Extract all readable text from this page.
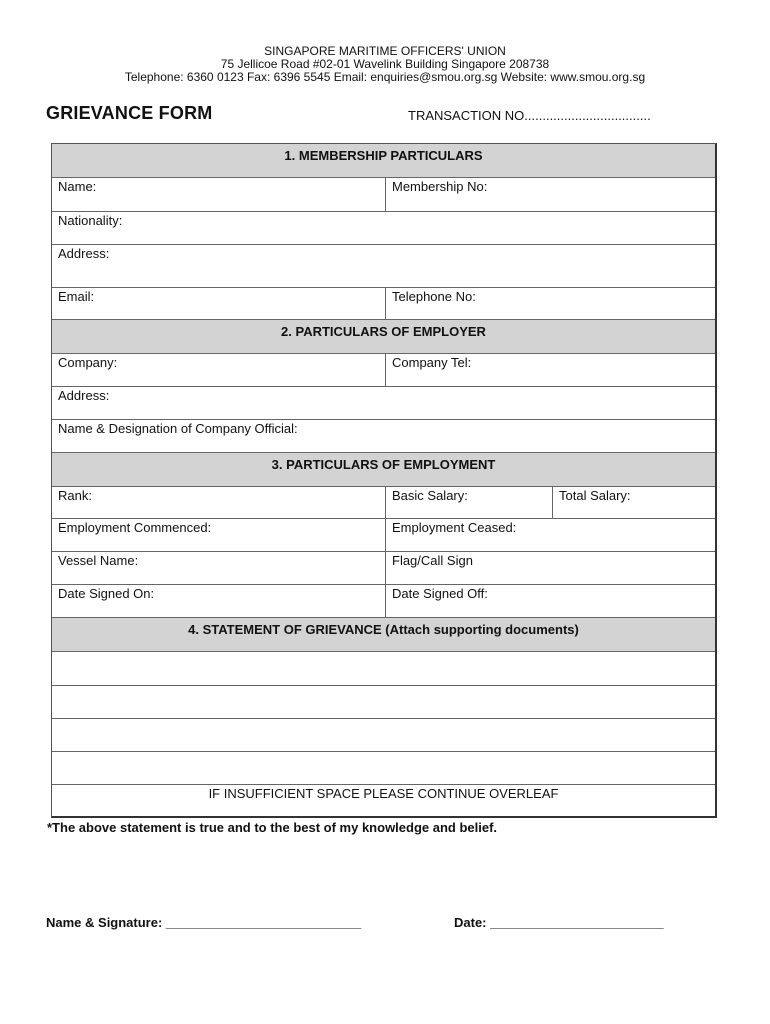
SINGAPORE MARITIME OFFICERS' UNION
75 Jellicoe Road #02-01 Wavelink Building Singapore 208738
Telephone: 6360 0123 Fax: 6396 5545 Email: enquiries@smou.org.sg Website: www.smou.org.sg
GRIEVANCE FORM	TRANSACTION NO...................................
1. MEMBERSHIP PARTICULARS
Name:	Membership No:
Nationality:
Address:
Email:	Telephone No:
2. PARTICULARS OF EMPLOYER
Company:	Company Tel:
Address:
Name & Designation of Company Official:
3. PARTICULARS OF EMPLOYMENT
Rank:	Basic Salary:	Total Salary:
Employment Commenced:	Employment Ceased:
Vessel Name:	Flag/Call Sign
Date Signed On:	Date Signed Off:
4. STATEMENT OF GRIEVANCE (Attach supporting documents)
IF INSUFFICIENT SPACE PLEASE CONTINUE OVERLEAF
*The above statement is true and to the best of my knowledge and belief.
Name & Signature: ___________________________	Date: ________________________
